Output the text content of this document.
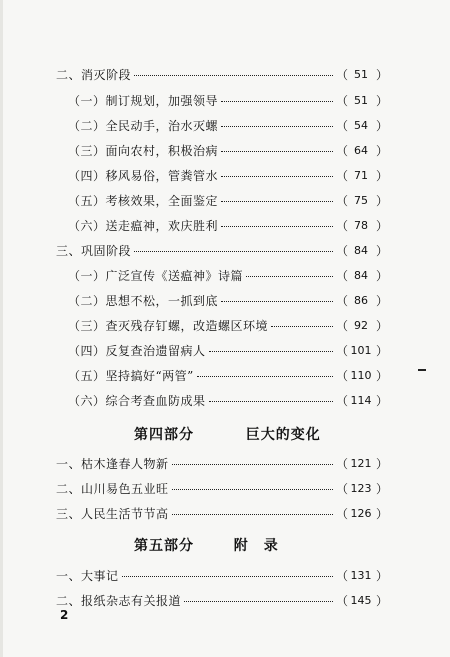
二、消灭阶段	（ 51 ）
（一）制订规划，加强领导	（ 51 ）
（二）全民动手，治水灭螺	（ 54 ）
（三）面向农村，积极治病	（ 64 ）
（四）移风易俗，管粪管水	（ 71 ）
（五）考核效果，全面鉴定	（ 75 ）
（六）送走瘟神，欢庆胜利	（ 78 ）
三、巩固阶段	（ 84 ）
（一）广泛宣传《送瘟神》诗篇	（ 84 ）
（二）思想不松，一抓到底	（ 86 ）
（三）查灭残存钉螺，改造螺区环境	（ 92 ）
（四）反复查治遗留病人	（ 101 ）
（五）坚持搞好“两管”	（ 110 ）
（六）综合考查血防成果	（ 114 ）
第四部分	巨大的变化
一、枯木逢春人物新	（ 121 ）
二、山川易色五业旺	（ 123 ）
三、人民生活节节高	（ 126 ）
第五部分	附　录
一、大事记	（ 131 ）
二、报纸杂志有关报道	（ 145 ）
2
